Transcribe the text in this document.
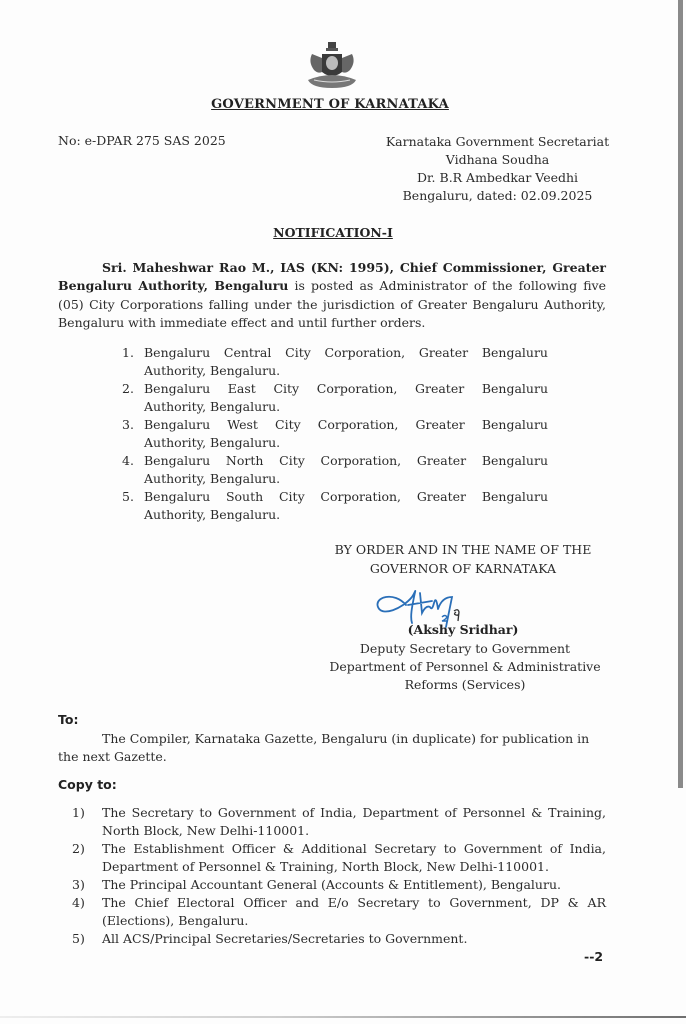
GOVERNMENT OF KARNATAKA
No: e-DPAR 275 SAS 2025	Karnataka Government Secretariat
Vidhana Soudha
Dr. B.R Ambedkar Veedhi
Bengaluru, dated: 02.09.2025
NOTIFICATION-I
Sri. Maheshwar Rao M., IAS (KN: 1995), Chief Commissioner, Greater Bengaluru Authority, Bengaluru is posted as Administrator of the following five (05) City Corporations falling under the jurisdiction of Greater Bengaluru Authority, Bengaluru with immediate effect and until further orders.
1. Bengaluru Central City Corporation, Greater Bengaluru
Authority, Bengaluru.
2. Bengaluru East City Corporation, Greater Bengaluru
Authority, Bengaluru.
3. Bengaluru West City Corporation, Greater Bengaluru
Authority, Bengaluru.
4. Bengaluru North City Corporation, Greater Bengaluru
Authority, Bengaluru.
5. Bengaluru South City Corporation, Greater Bengaluru
Authority, Bengaluru.
BY ORDER AND IN THE NAME OF THE
GOVERNOR OF KARNATAKA
(Akshy Sridhar)
Deputy Secretary to Government
Department of Personnel & Administrative
Reforms (Services)
To:
The Compiler, Karnataka Gazette, Bengaluru (in duplicate) for publication in the next Gazette.
Copy to:
1) The Secretary to Government of India, Department of Personnel & Training, North Block, New Delhi-110001.
2) The Establishment Officer & Additional Secretary to Government of India, Department of Personnel & Training, North Block, New Delhi-110001.
3) The Principal Accountant General (Accounts & Entitlement), Bengaluru.
4) The Chief Electoral Officer and E/o Secretary to Government, DP & AR (Elections), Bengaluru.
5) All ACS/Principal Secretaries/Secretaries to Government.
--2
